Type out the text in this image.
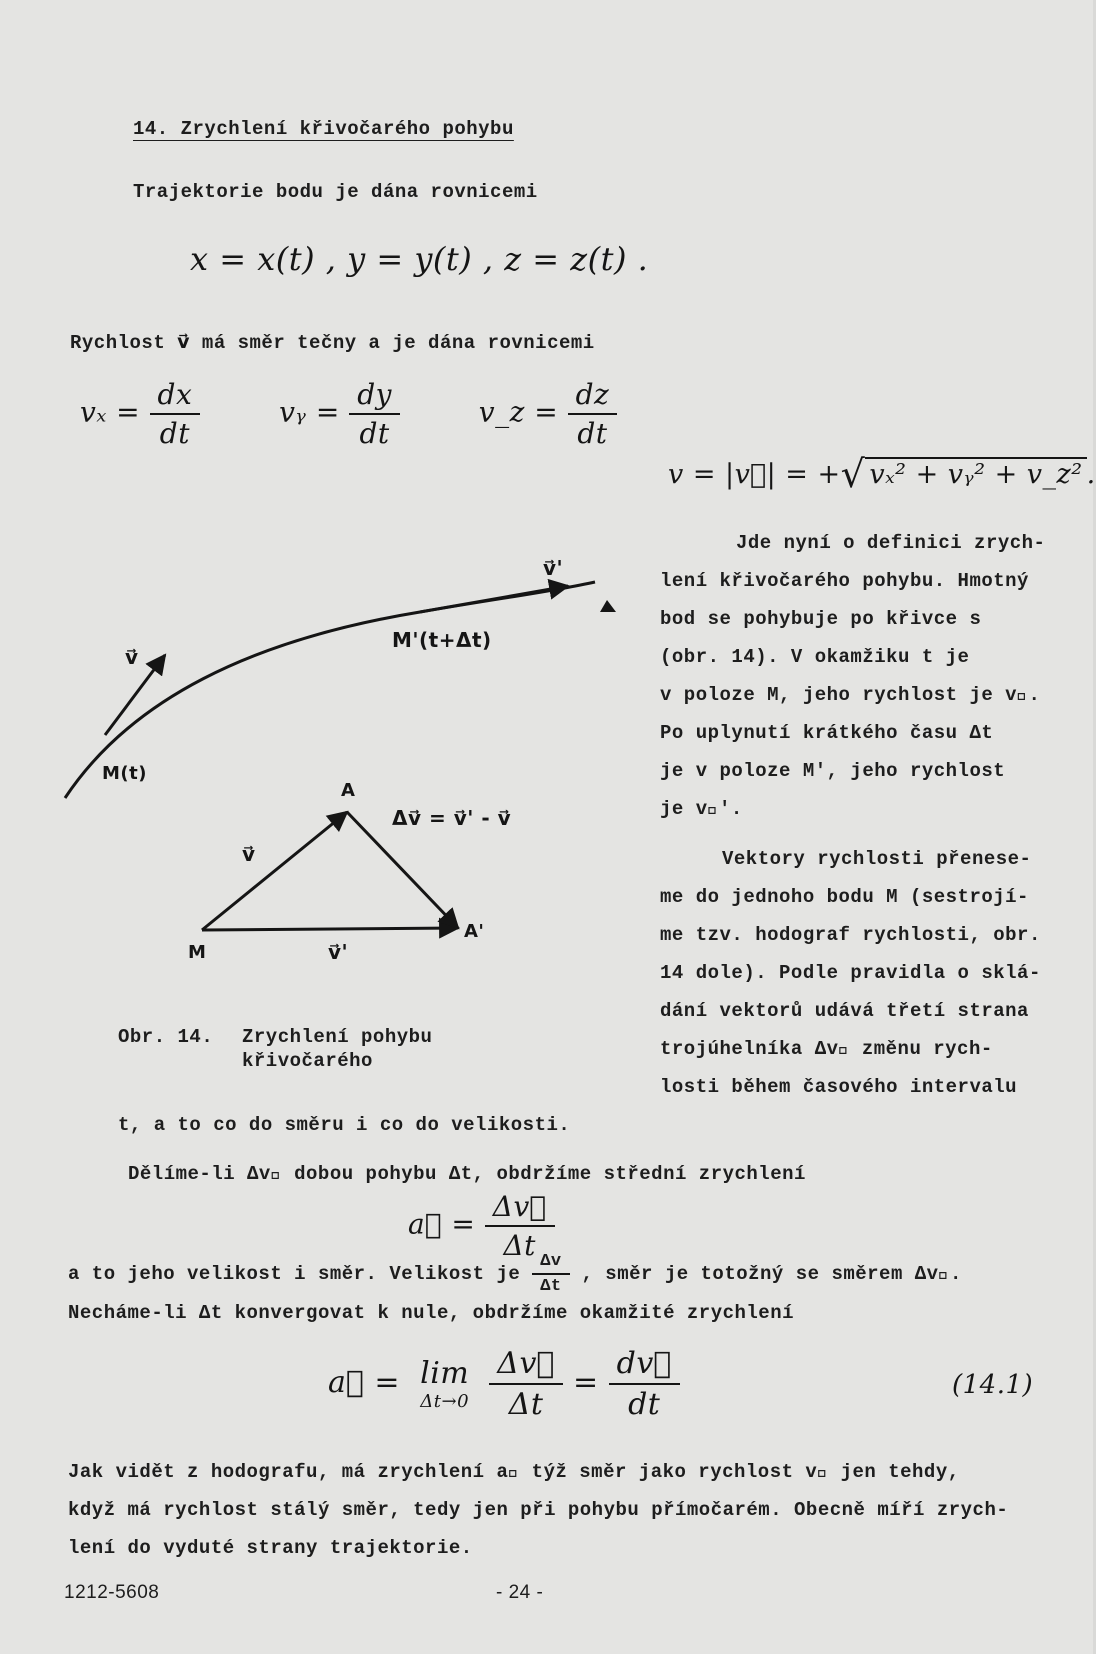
14. Zrychlení křivočarého pohybu
Trajektorie bodu je dána rovnicemi
x = x(t) , y = y(t) , z = z(t) .
Rychlost v⃗ má směr tečny a je dána rovnicemi
$v_x = \frac{dx}{dt}$	vᵧ = $\frac{dy}{dt}$	v_z = $\frac{dz}{dt}$
v = |v⃗| = +√ vₓ² + vᵧ² + v_z² .
Jde nyní o definici zrych-
lení křivočarého pohybu. Hmotný
bod se pohybuje po křivce s
(obr. 14). V okamžiku t je
v poloze M, jeho rychlost je v⃗.
Po uplynutí krátkého času Δt
je v poloze M', jeho rychlost
je v⃗'.
Vektory rychlosti přenese-
me do jednoho bodu M (sestrojí-
me tzv. hodograf rychlosti, obr.
14 dole). Podle pravidla o sklá-
dání vektorů udává třetí strana
trojúhelníka Δv⃗ změnu rych-
losti během časového intervalu
v⃗'
M'(t+Δt)
v⃗
M(t)
A
Δv⃗ = v⃗' - v⃗
v⃗
M	v⃗'
A'
Obr. 14. Zrychlení pohybu
křivočarého
t, a to co do směru i co do velikosti.
Dělíme-li Δv⃗ dobou pohybu Δt, obdržíme střední zrychlení
a⃗ = $\frac{\Delta v⃗}{\Delta t}$
a to jeho velikost i směr. Velikost je $\frac{\Delta v}{\Delta t}$ , směr je totožný se směrem Δv⃗.
Necháme-li Δt konvergovat k nule, obdržíme okamžité zrychlení
a⃗ = lim
Δt→0
$\frac{\Delta v⃗}{\Delta t} = \frac{dv⃗}{dt}$	(14.1)
Jak vidět z hodografu, má zrychlení a⃗ týž směr jako rychlost v⃗ jen tehdy,
když má rychlost stálý směr, tedy jen při pohybu přímočarém. Obecně míří zrych-
lení do vyduté strany trajektorie.
1212-5608	- 24 -
